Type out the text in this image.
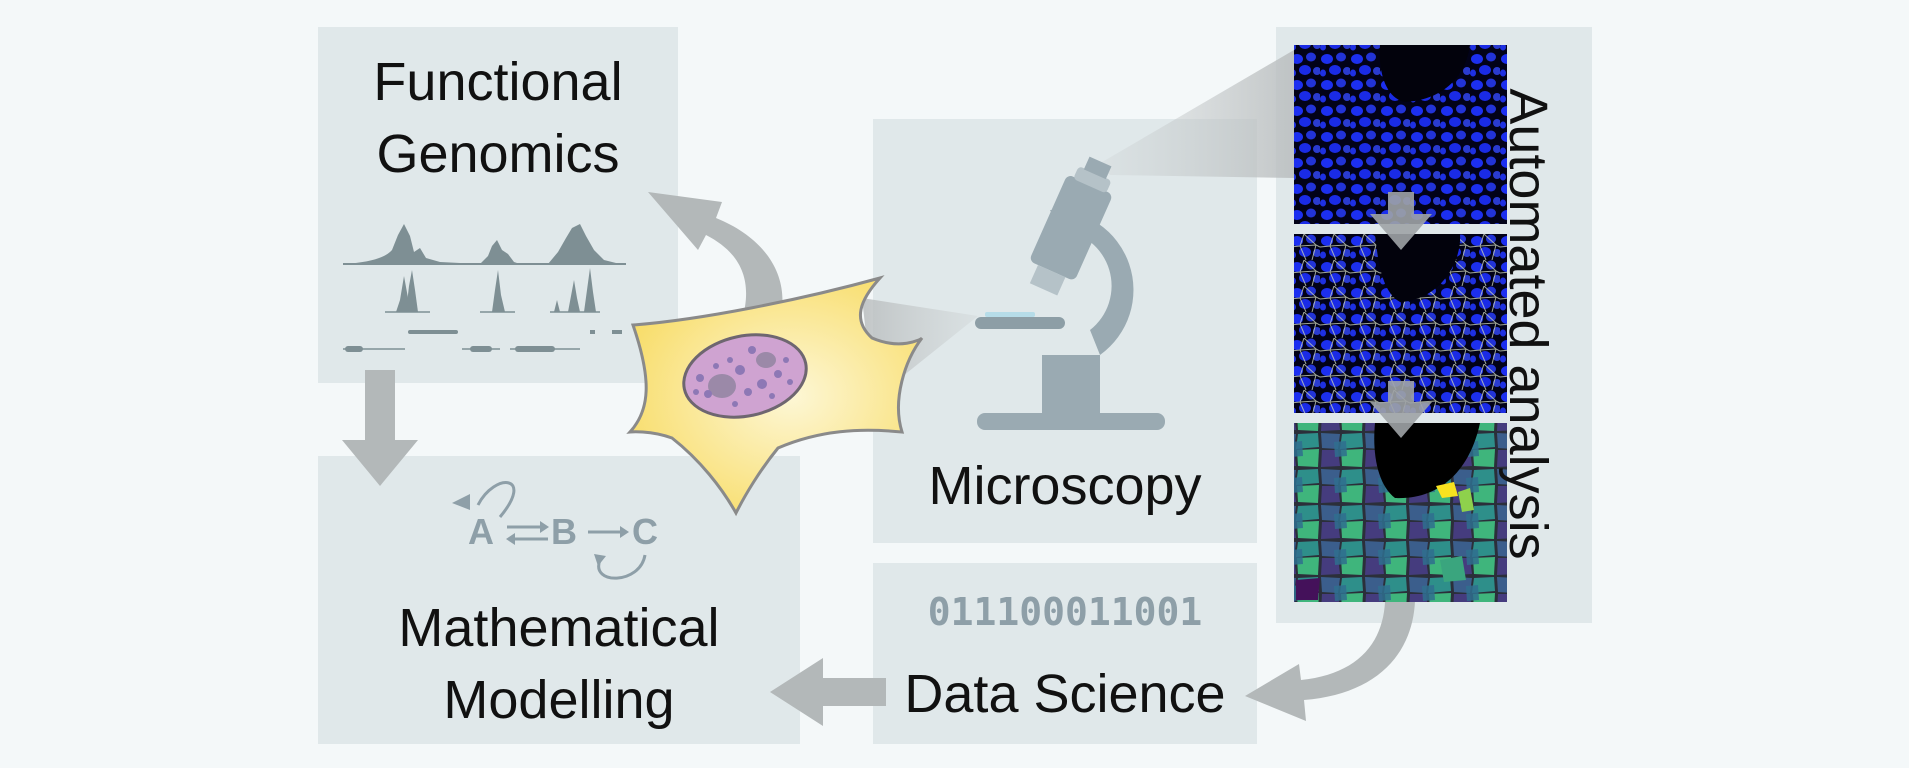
Functional
Genomics
A B C
Mathematical
Modelling
Microscopy
011100011001
Data Science
Automated analysis
